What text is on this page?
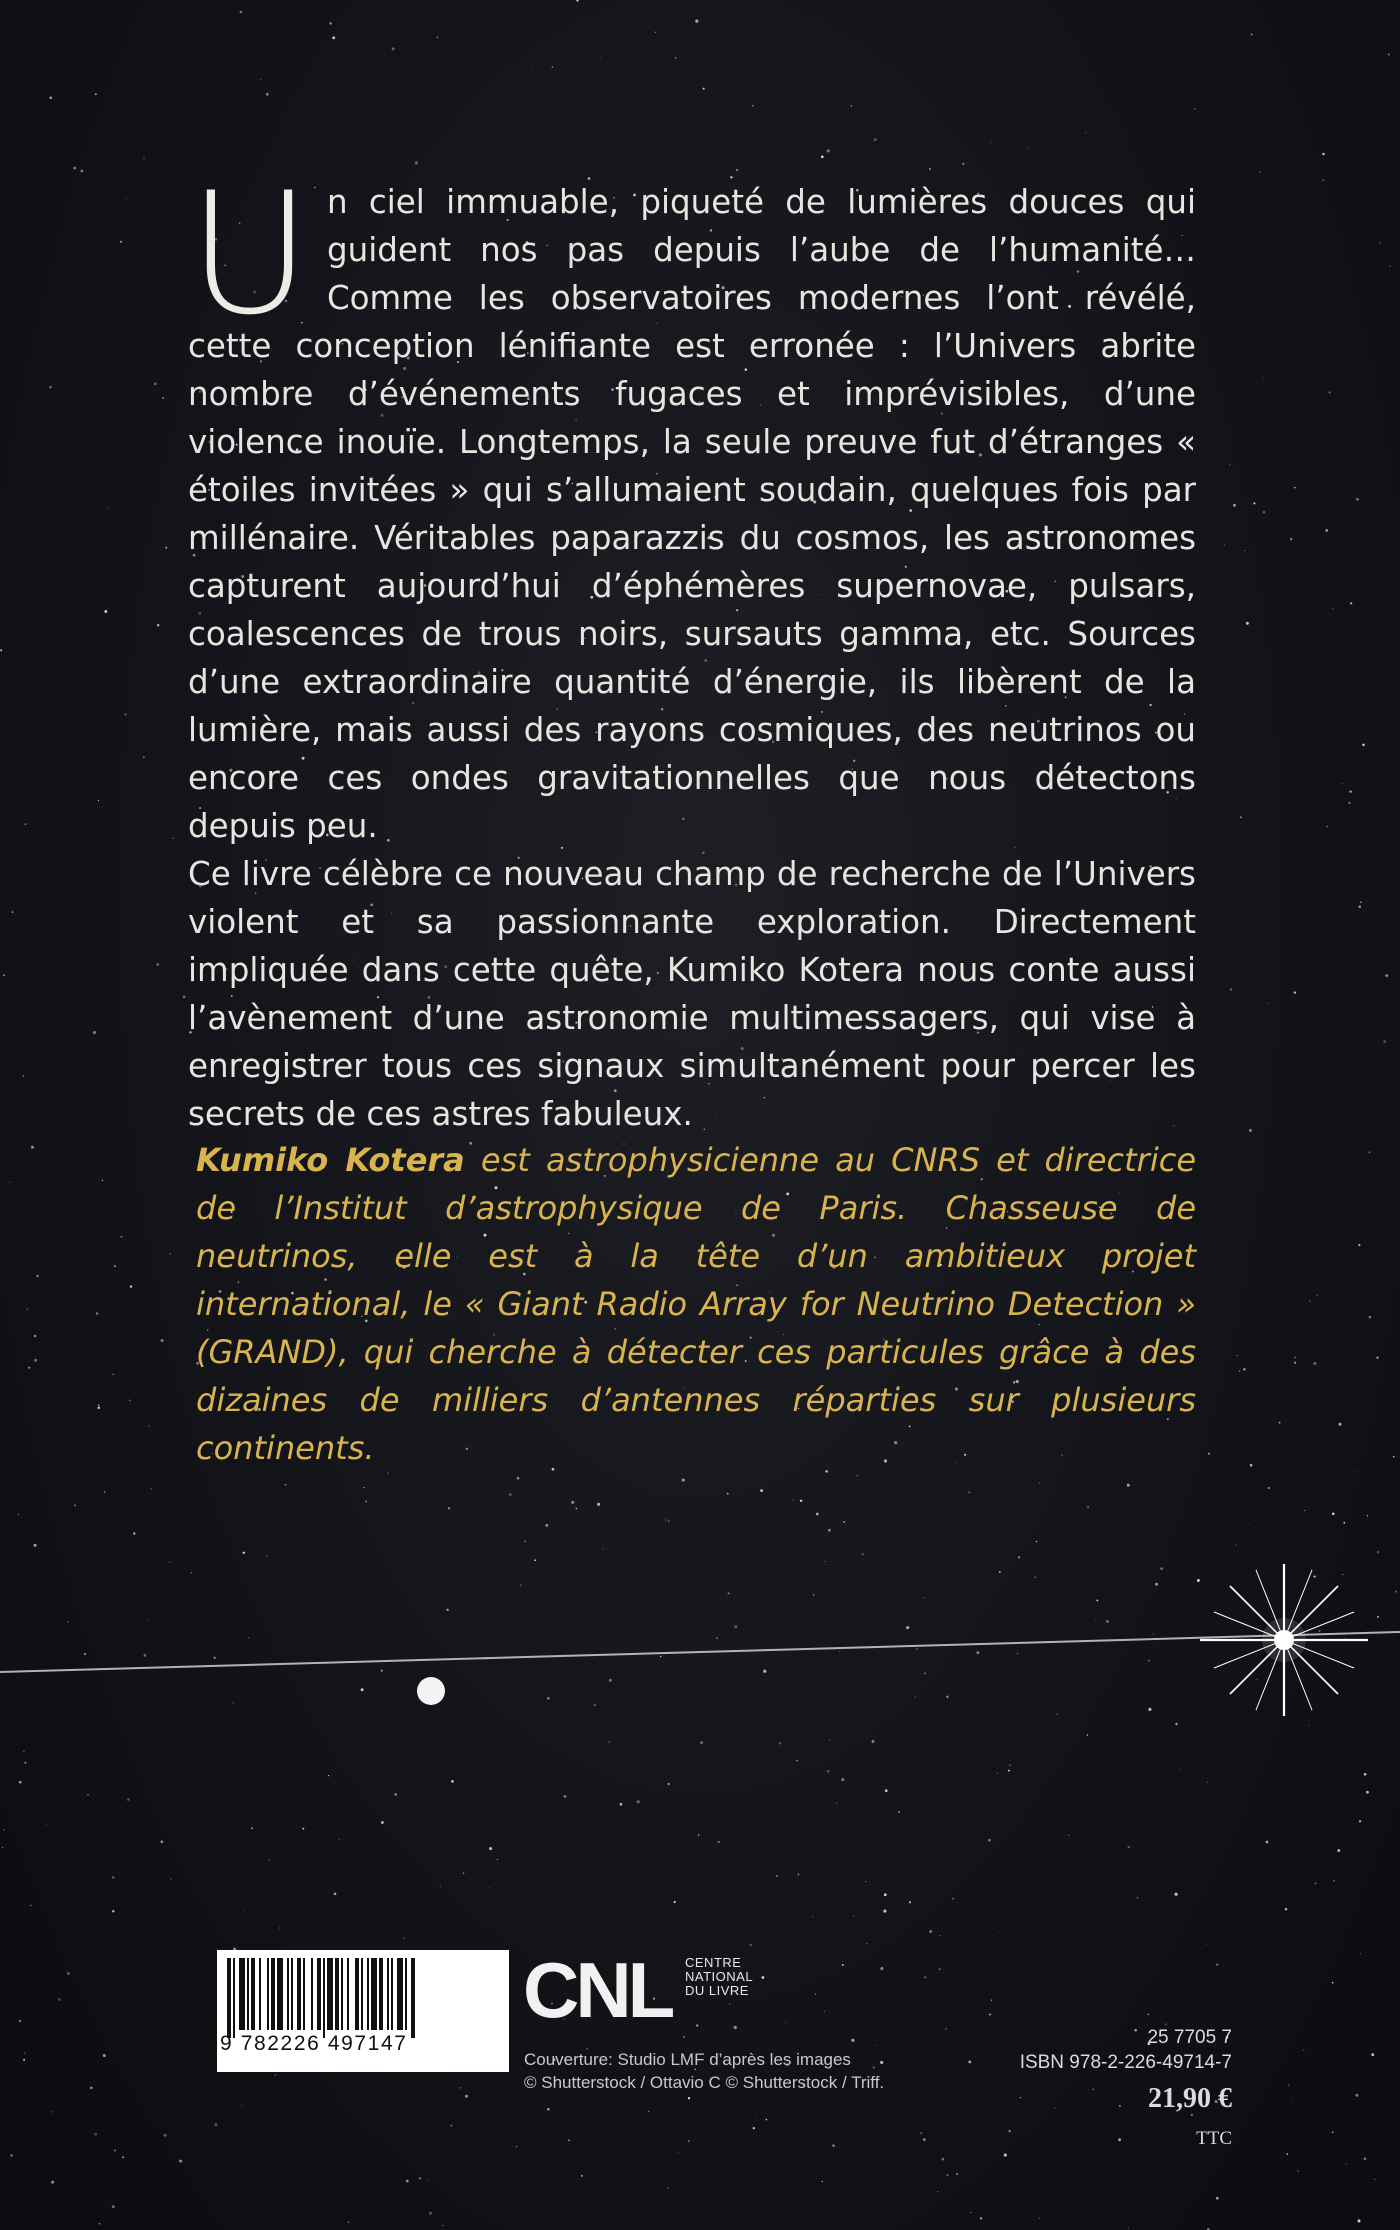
Un ciel immuable, piqueté de lumières douces qui guident nos pas depuis l’aube de l’humanité… Comme les observatoires modernes l’ont révélé, cette conception lénifiante est erronée : l’Univers abrite nombre d’événements fugaces et imprévisibles, d’une violence inouïe. Longtemps, la seule preuve fut d’étranges « étoiles invitées » qui s’allumaient soudain, quelques fois par millénaire. Véritables paparazzis du cosmos, les astronomes capturent aujourd’hui d’éphémères supernovae, pulsars, coalescences de trous noirs, sursauts gamma, etc. Sources d’une extraordinaire quantité d’énergie, ils libèrent de la lumière, mais aussi des rayons cosmiques, des neutrinos ou encore ces ondes gravitationnelles que nous détectons depuis peu.

Ce livre célèbre ce nouveau champ de recherche de l’Univers violent et sa passionnante exploration. Directement impliquée dans cette quête, Kumiko Kotera nous conte aussi l’avènement d’une astronomie multimessagers, qui vise à enregistrer tous ces signaux simultanément pour percer les secrets de ces astres fabuleux.

Kumiko Kotera est astrophysicienne au CNRS et directrice de l’Institut d’astrophysique de Paris. Chasseuse de neutrinos, elle est à la tête d’un ambitieux projet international, le « Giant Radio Array for Neutrino Detection » (GRAND), qui cherche à détecter ces particules grâce à des dizaines de milliers d’antennes réparties sur plusieurs continents.

9 782226 497147
CNL CENTRE
NATIONAL
DU LIVRE
Couverture: Studio LMF d’après les images
© Shutterstock / Ottavio C © Shutterstock / Triff.
25 7705 7
ISBN 978-2-226-49714-7
21,90 €
TTC
